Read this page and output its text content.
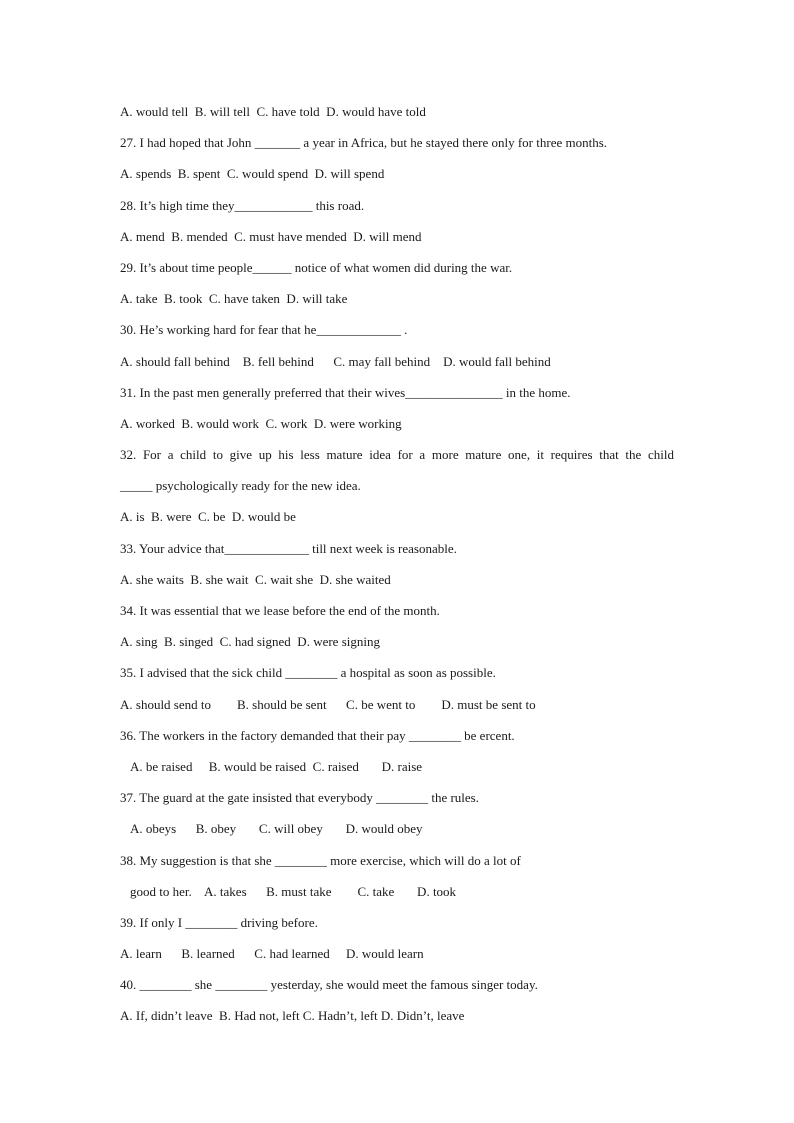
A. would tell  B. will tell  C. have told  D. would have told
27. I had hoped that John _______ a year in Africa, but he stayed there only for three months.
A. spends  B. spent  C. would spend  D. will spend
28. It’s high time they____________ this road.
A. mend  B. mended  C. must have mended  D. will mend
29. It’s about time people______ notice of what women did during the war.
A. take  B. took  C. have taken  D. will take
30. He’s working hard for fear that he_____________ .
A. should fall behind    B. fell behind      C. may fall behind    D. would fall behind
31. In the past men generally preferred that their wives_______________ in the home.
A. worked  B. would work  C. work  D. were working
32. For a child to give up his less mature idea for a more mature one, it requires that the child
_____ psychologically ready for the new idea.
A. is  B. were  C. be  D. would be
33. Your advice that_____________ till next week is reasonable.
A. she waits  B. she wait  C. wait she  D. she waited
34. It was essential that we lease before the end of the month.
A. sing  B. singed  C. had signed  D. were signing
35. I advised that the sick child ________ a hospital as soon as possible.
A. should send to        B. should be sent      C. be went to        D. must be sent to
36. The workers in the factory demanded that their pay ________ be ercent.
A. be raised     B. would be raised  C. raised       D. raise
37. The guard at the gate insisted that everybody ________ the rules.
A. obeys      B. obey       C. will obey       D. would obey
38. My suggestion is that she ________ more exercise, which will do a lot of
good to her.    A. takes      B. must take        C. take       D. took
39. If only I ________ driving before.
A. learn      B. learned      C. had learned     D. would learn
40. ________ she ________ yesterday, she would meet the famous singer today.
A. If, didn’t leave  B. Had not, left C. Hadn’t, left D. Didn’t, leave
